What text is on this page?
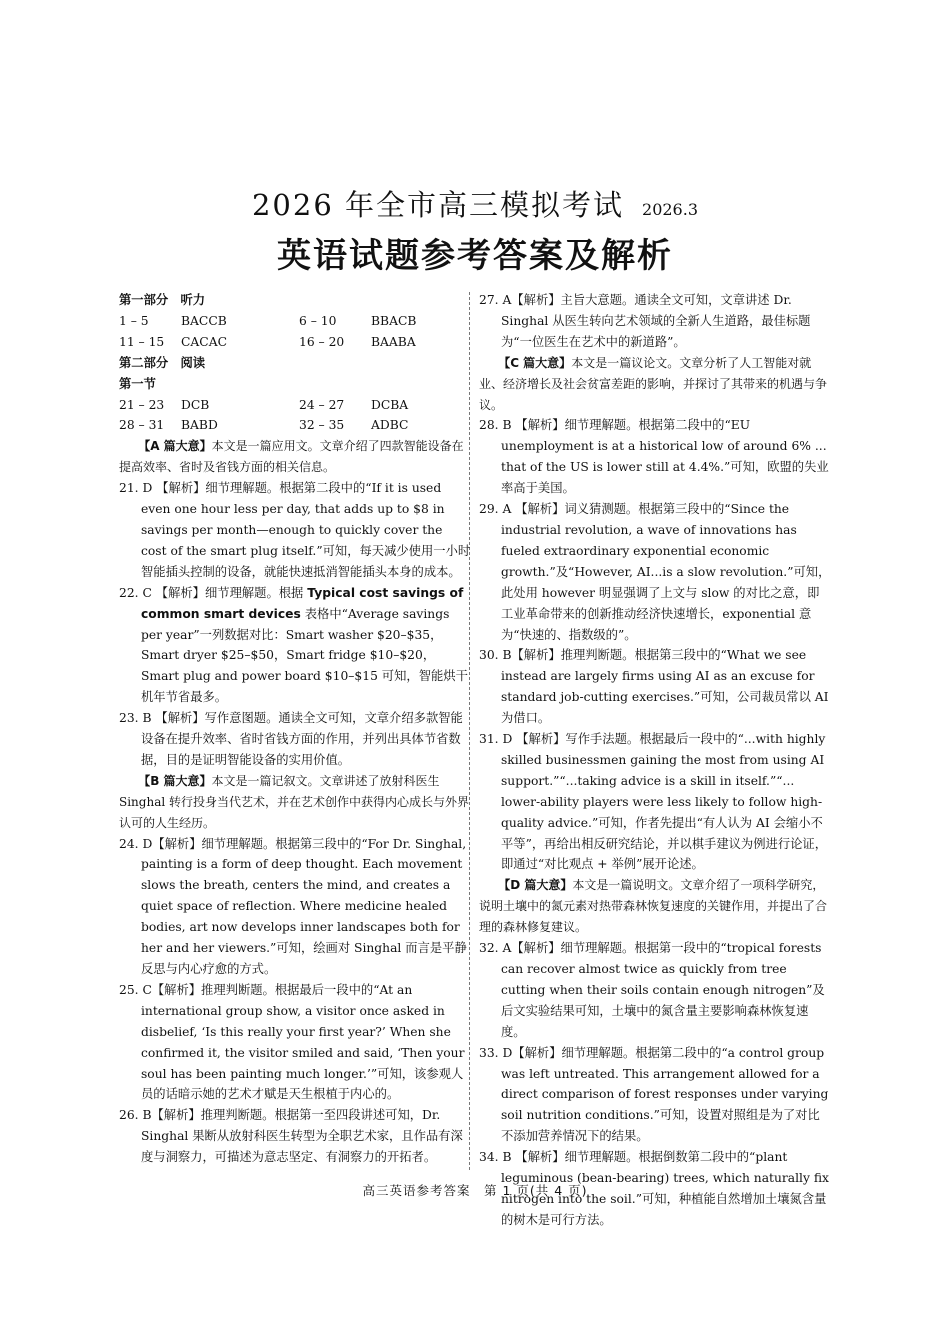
2026 年全市高三模拟考试 2026.3
英语试题参考答案及解析
第一部分　听力
1 – 5	BACCB	6 – 10	BBACB
11 – 15	CACAC	16 – 20	BAABA
第二部分　阅读
第一节
21 – 23	DCB	24 – 27	DCBA
28 – 31	BABD	32 – 35	ADBC

【A 篇大意】本文是一篇应用文。文章介绍了四款智能设备在提高效率、省时及省钱方面的相关信息。

21. D 【解析】细节理解题。根据第二段中的“If it is used even one hour less per day, that adds up to $8 in savings per month—enough to quickly cover the cost of the smart plug itself.”可知，每天减少使用一小时智能插头控制的设备，就能快速抵消智能插头本身的成本。

22. C 【解析】细节理解题。根据 Typical cost savings of common smart devices 表格中“Average savings per year”一列数据对比：Smart washer $20–$35，Smart dryer $25–$50，Smart fridge $10–$20，Smart plug and power board $10–$15 可知，智能烘干机年节省最多。

23. B 【解析】写作意图题。通读全文可知，文章介绍多款智能设备在提升效率、省时省钱方面的作用，并列出具体节省数据，目的是证明智能设备的实用价值。

【B 篇大意】本文是一篇记叙文。文章讲述了放射科医生 Singhal 转行投身当代艺术，并在艺术创作中获得内心成长与外界认可的人生经历。

24. D【解析】细节理解题。根据第三段中的“For Dr. Singhal, painting is a form of deep thought. Each movement slows the breath, centers the mind, and creates a quiet space of reflection. Where medicine healed bodies, art now develops inner landscapes both for her and her viewers.”可知，绘画对 Singhal 而言是平静反思与内心疗愈的方式。

25. C【解析】推理判断题。根据最后一段中的“At an international group show, a visitor once asked in disbelief, ‘Is this really your first year?’ When she confirmed it, the visitor smiled and said, ‘Then your soul has been painting much longer.’”可知，该参观人员的话暗示她的艺术才赋是天生根植于内心的。

26. B【解析】推理判断题。根据第一至四段讲述可知，Dr. Singhal 果断从放射科医生转型为全职艺术家，且作品有深度与洞察力，可描述为意志坚定、有洞察力的开拓者。

27. A【解析】主旨大意题。通读全文可知，文章讲述 Dr. Singhal 从医生转向艺术领域的全新人生道路，最佳标题为“一位医生在艺术中的新道路”。

【C 篇大意】本文是一篇议论文。文章分析了人工智能对就业、经济增长及社会贫富差距的影响，并探讨了其带来的机遇与争议。

28. B 【解析】细节理解题。根据第二段中的“EU unemployment is at a historical low of around 6% ... that of the US is lower still at 4.4%.”可知，欧盟的失业率高于美国。

29. A 【解析】词义猜测题。根据第三段中的“Since the industrial revolution, a wave of innovations has fueled extraordinary exponential economic growth.”及“However, AI...is a slow revolution.”可知，此处用 however 明显强调了上文与 slow 的对比之意，即工业革命带来的创新推动经济快速增长，exponential 意为“快速的、指数级的”。

30. B【解析】推理判断题。根据第三段中的“What we see instead are largely firms using AI as an excuse for standard job-cutting exercises.”可知，公司裁员常以 AI 为借口。

31. D 【解析】写作手法题。根据最后一段中的“...with highly skilled businessmen gaining the most from using AI support.”“...taking advice is a skill in itself.”“... lower-ability players were less likely to follow high-quality advice.”可知，作者先提出“有人认为 AI 会缩小不平等”，再给出相反研究结论，并以棋手建议为例进行论证，即通过“对比观点 + 举例”展开论述。

【D 篇大意】本文是一篇说明文。文章介绍了一项科学研究，说明土壤中的氮元素对热带森林恢复速度的关键作用，并提出了合理的森林修复建议。

32. A【解析】细节理解题。根据第一段中的“tropical forests can recover almost twice as quickly from tree cutting when their soils contain enough nitrogen”及后文实验结果可知，土壤中的氮含量主要影响森林恢复速度。

33. D【解析】细节理解题。根据第二段中的“a control group was left untreated. This arrangement allowed for a direct comparison of forest responses under varying soil nutrition conditions.”可知，设置对照组是为了对比不添加营养情况下的结果。

34. B 【解析】细节理解题。根据倒数第二段中的“plant leguminous (bean-bearing) trees, which naturally fix nitrogen into the soil.”可知，种植能自然增加土壤氮含量的树木是可行方法。

高三英语参考答案　第 1 页(共 4 页)
